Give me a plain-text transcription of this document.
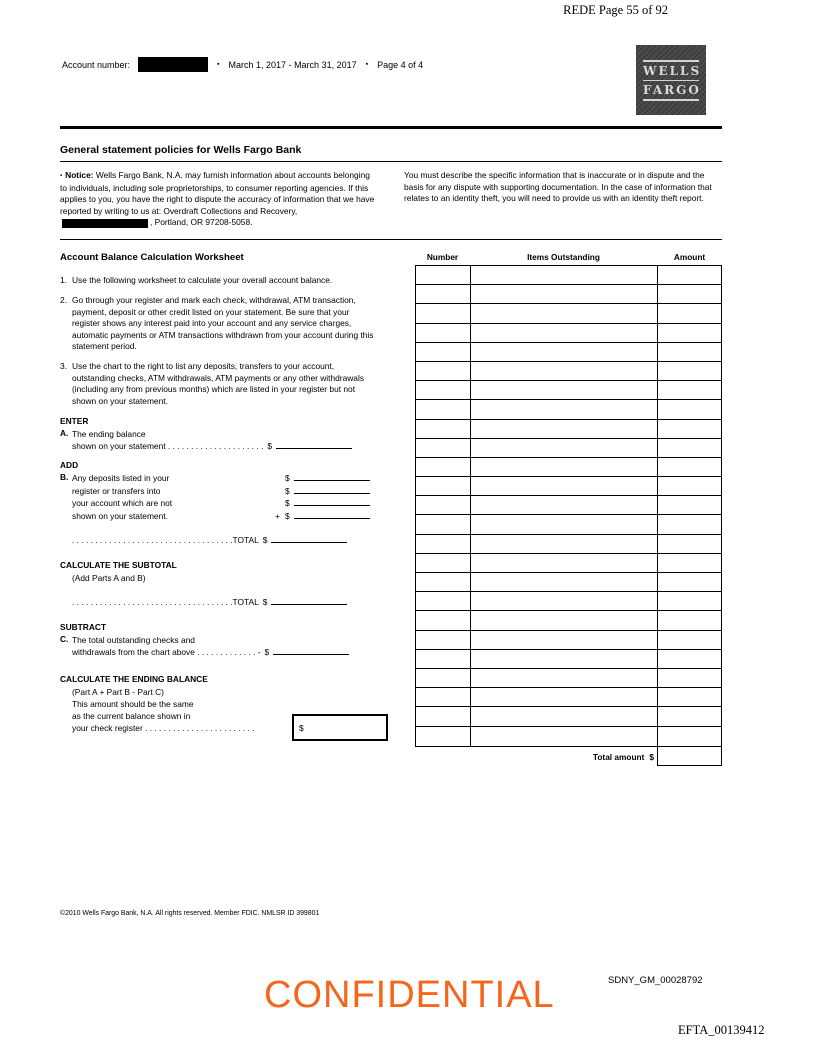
REDE Page 55 of 92
Account number:	▪ March 1, 2017 - March 31, 2017 ▪ Page 4 of 4	WELLS
FARGO
General statement policies for Wells Fargo Bank
▪ Notice: Wells Fargo Bank, N.A. may furnish information about accounts belonging to individuals, including sole proprietorships, to consumer reporting agencies. If this applies to you, you have the right to dispute the accuracy of information that we have reported by writing to us at: Overdraft Collections and Recovery,, Portland, OR 97208-5058.
You must describe the specific information that is inaccurate or in dispute and the basis for any dispute with supporting documentation. In the case of information that relates to an identity theft, you will need to provide us with an identity theft report.
Account Balance Calculation Worksheet
1. Use the following worksheet to calculate your overall account balance.
2. Go through your register and mark each check, withdrawal, ATM transaction, payment, deposit or other credit listed on your statement. Be sure that your register shows any interest paid into your account and any service charges, automatic payments or ATM transactions withdrawn from your account during this statement period.
3. Use the chart to the right to list any deposits, transfers to your account, outstanding checks, ATM withdrawals, ATM payments or any other withdrawals (including any from previous months) which are listed in your register but not shown on your statement.
ENTER
A. The ending balance
shown on your statement . . . . . . . . . . . . . . . . . . . . . $
ADD
B. Any deposits listed in your	$
register or transfers into	$
your account which are not	$
shown on your statement.	+ $
. . . . . . . . . . . . . . . . . . . . . . . . . . . . . . . . . . .TOTAL $
CALCULATE THE SUBTOTAL
(Add Parts A and B)
. . . . . . . . . . . . . . . . . . . . . . . . . . . . . . . . . . .TOTAL $
SUBTRACT
C. The total outstanding checks and
withdrawals from the chart above . . . . . . . . . . . . . - $
CALCULATE THE ENDING BALANCE
(Part A + Part B - Part C)
This amount should be the same
as the current balance shown in
your check register . . . . . . . . . . . . . . . . . . . . . . . .	$
Number	Items Outstanding	Amount
Total amount $
©2010 Wells Fargo Bank, N.A. All rights reserved. Member FDIC. NMLSR ID 399801
CONFIDENTIAL	SDNY_GM_00028792
EFTA_00139412
